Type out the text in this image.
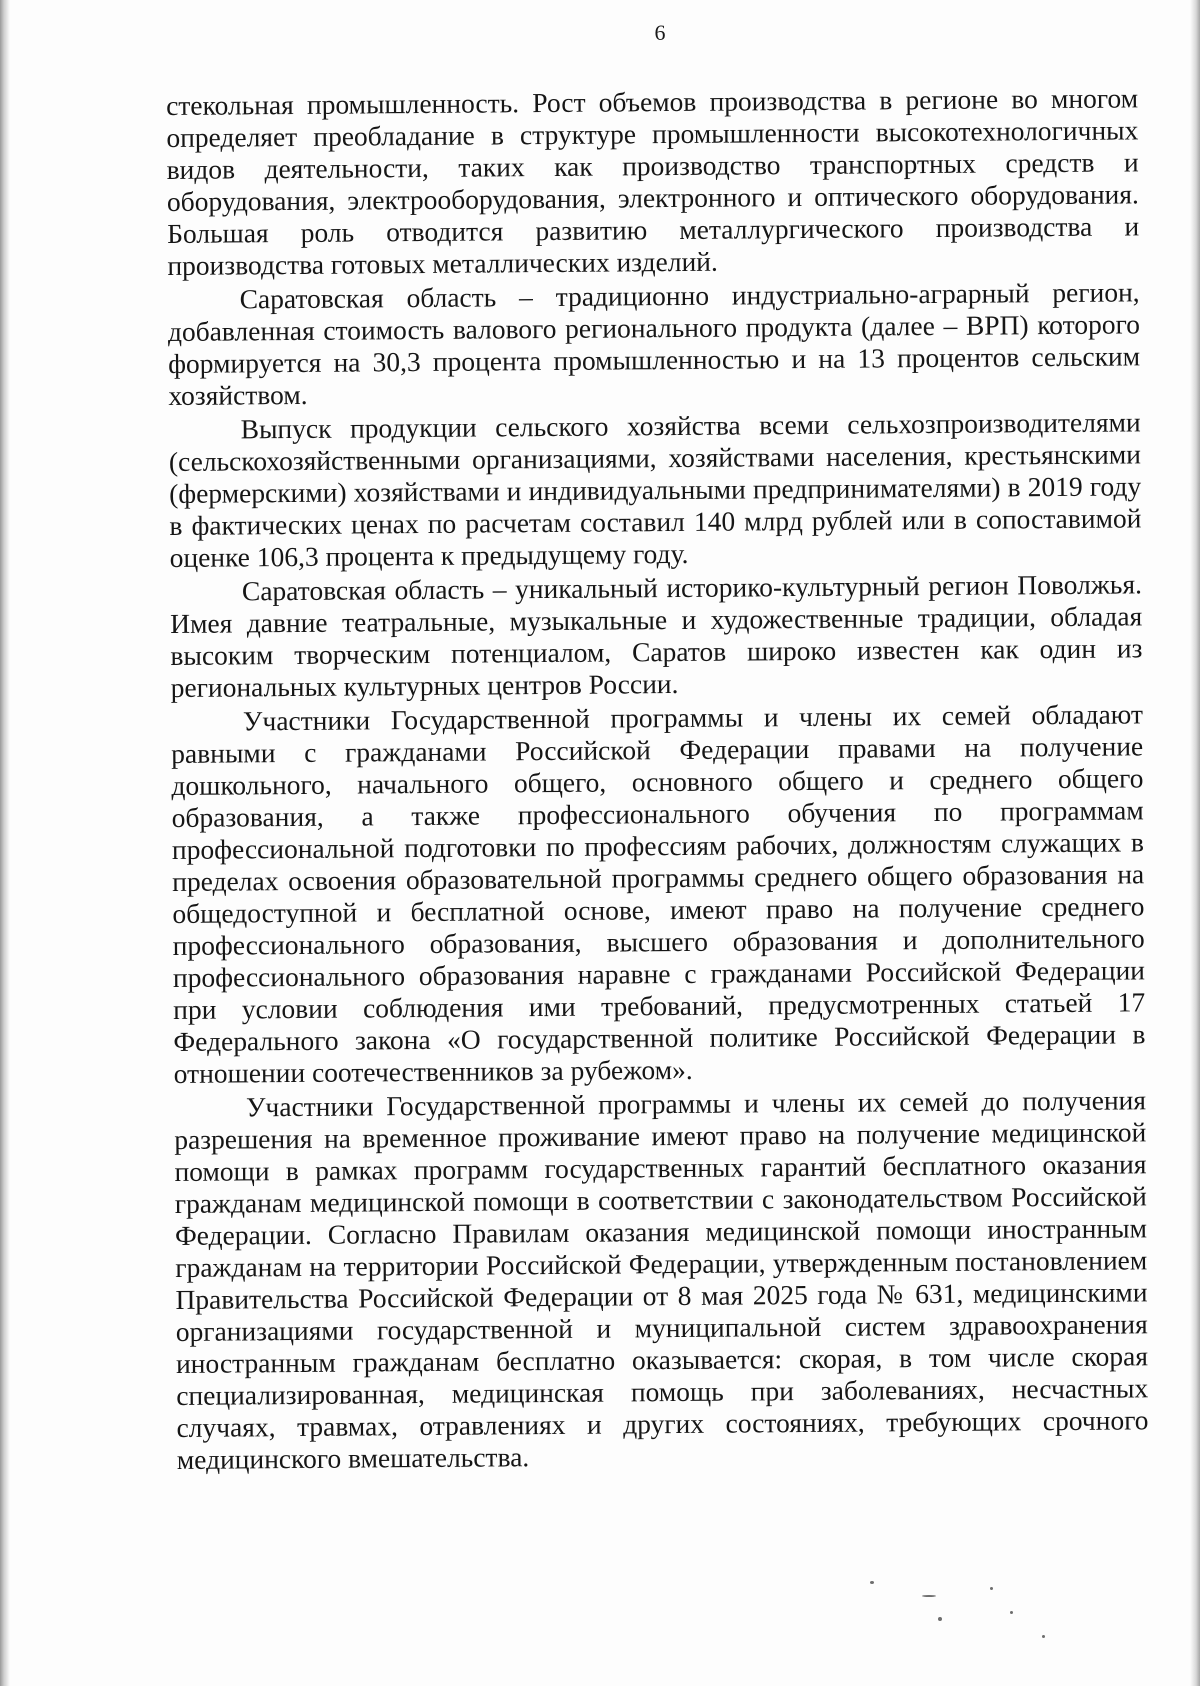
6

стекольная промышленность. Рост объемов производства в регионе во многом определяет преобладание в структуре промышленности высокотехнологичных видов деятельности, таких как производство транспортных средств и оборудования, электрооборудования, электронного и оптического оборудования. Большая роль отводится развитию металлургического производства и производства готовых металлических изделий.

Саратовская область – традиционно индустриально-аграрный регион, добавленная стоимость валового регионального продукта (далее – ВРП) которого формируется на 30,3 процента промышленностью и на 13 процентов сельским хозяйством.

Выпуск продукции сельского хозяйства всеми сельхозпроизводителями (сельскохозяйственными организациями, хозяйствами населения, крестьянскими (фермерскими) хозяйствами и индивидуальными предпринимателями) в 2019 году в фактических ценах по расчетам составил 140 млрд рублей или в сопоставимой оценке 106,3 процента к предыдущему году.

Саратовская область – уникальный историко-культурный регион Поволжья. Имея давние театральные, музыкальные и художественные традиции, обладая высоким творческим потенциалом, Саратов широко известен как один из региональных культурных центров России.

Участники Государственной программы и члены их семей обладают равными с гражданами Российской Федерации правами на получение дошкольного, начального общего, основного общего и среднего общего образования, а также профессионального обучения по программам профессиональной подготовки по профессиям рабочих, должностям служащих в пределах освоения образовательной программы среднего общего образования на общедоступной и бесплатной основе, имеют право на получение среднего профессионального образования, высшего образования и дополнительного профессионального образования наравне с гражданами Российской Федерации при условии соблюдения ими требований, предусмотренных статьей 17 Федерального закона «О государственной политике Российской Федерации в отношении соотечественников за рубежом».

Участники Государственной программы и члены их семей до получения разрешения на временное проживание имеют право на получение медицинской помощи в рамках программ государственных гарантий бесплатного оказания гражданам медицинской помощи в соответствии с законодательством Российской Федерации. Согласно Правилам оказания медицинской помощи иностранным гражданам на территории Российской Федерации, утвержденным постановлением Правительства Российской Федерации от 8 мая 2025 года № 631, медицинскими организациями государственной и муниципальной систем здравоохранения иностранным гражданам бесплатно оказывается: скорая, в том числе скорая специализированная, медицинская помощь при заболеваниях, несчастных случаях, травмах, отравлениях и других состояниях, требующих срочного медицинского вмешательства.
